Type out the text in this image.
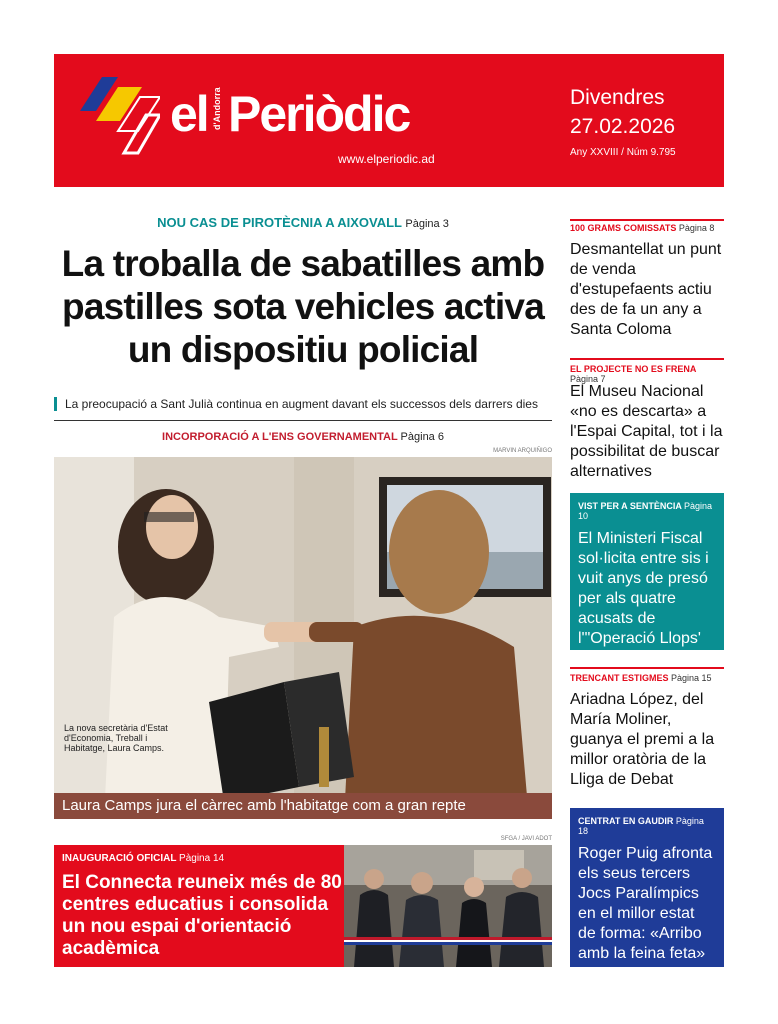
el d'Andorra Periòdic
www.elperiodic.ad
Divendres
27.02.2026
Any XXVIII / Núm 9.795
NOU CAS DE PIROTÈCNIA A AIXOVALL Pàgina 3
La troballa de sabatilles amb pastilles sota vehicles activa un dispositiu policial
La preocupació a Sant Julià continua en augment davant els successos dels darrers dies
INCORPORACIÓ A L'ENS GOVERNAMENTAL Pàgina 6
MARVIN ARQUIÑIGO
La nova secretària d'Estat d'Economia, Treball i Habitatge, Laura Camps.
Laura Camps jura el càrrec amb l'habitatge com a gran repte
SFGA / JAVI ADOT
INAUGURACIÓ OFICIAL Pàgina 14
El Connecta reuneix més de 80 centres educatius i consolida un nou espai d'orientació acadèmica
100 GRAMS COMISSATS Pàgina 8
Desmantellat un punt de venda d'estupefaents actiu des de fa un any a Santa Coloma
EL PROJECTE NO ES FRENA Pàgina 7
El Museu Nacional «no es descarta» a l'Espai Capital, tot i la possibilitat de buscar alternatives
VIST PER A SENTÈNCIA Pàgina 10
El Ministeri Fiscal sol·licita entre sis i vuit anys de presó per als quatre acusats de l'"Operació Llops'
TRENCANT ESTIGMES Pàgina 15
Ariadna López, del María Moliner, guanya el premi a la millor oratòria de la Lliga de Debat
CENTRAT EN GAUDIR Pàgina 18
Roger Puig afronta els seus tercers Jocs Paralímpics en el millor estat de forma: «Arribo amb la feina feta»
